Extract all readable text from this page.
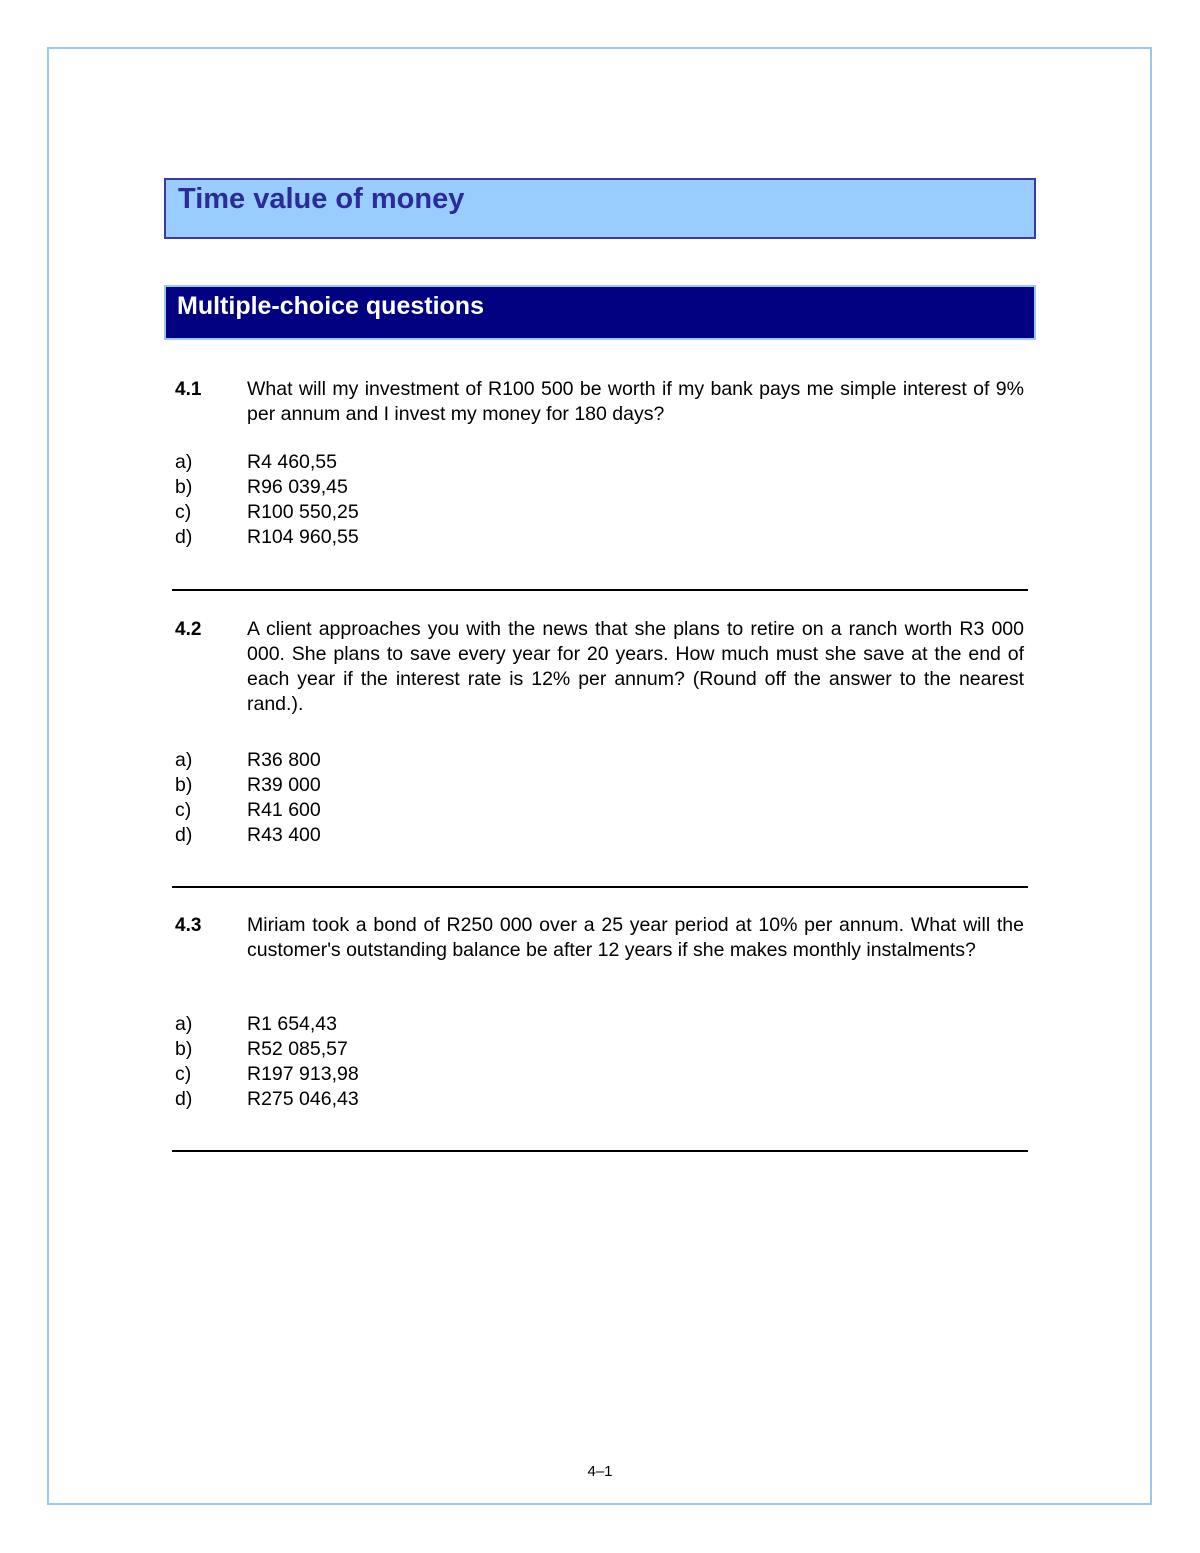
Time value of money
Multiple-choice questions
4.1 What will my investment of R100 500 be worth if my bank pays me simple interest of 9% per annum and I invest my money for 180 days?
a)	R4 460,55
b)	R96 039,45
c)	R100 550,25
d)	R104 960,55
4.2 A client approaches you with the news that she plans to retire on a ranch worth R3 000 000. She plans to save every year for 20 years. How much must she save at the end of each year if the interest rate is 12% per annum? (Round off the answer to the nearest rand.).
a)	R36 800
b)	R39 000
c)	R41 600
d)	R43 400
4.3 Miriam took a bond of R250 000 over a 25 year period at 10% per annum. What will the customer's outstanding balance be after 12 years if she makes monthly instalments?
a)	R1 654,43
b)	R52 085,57
c)	R197 913,98
d)	R275 046,43
4–1
